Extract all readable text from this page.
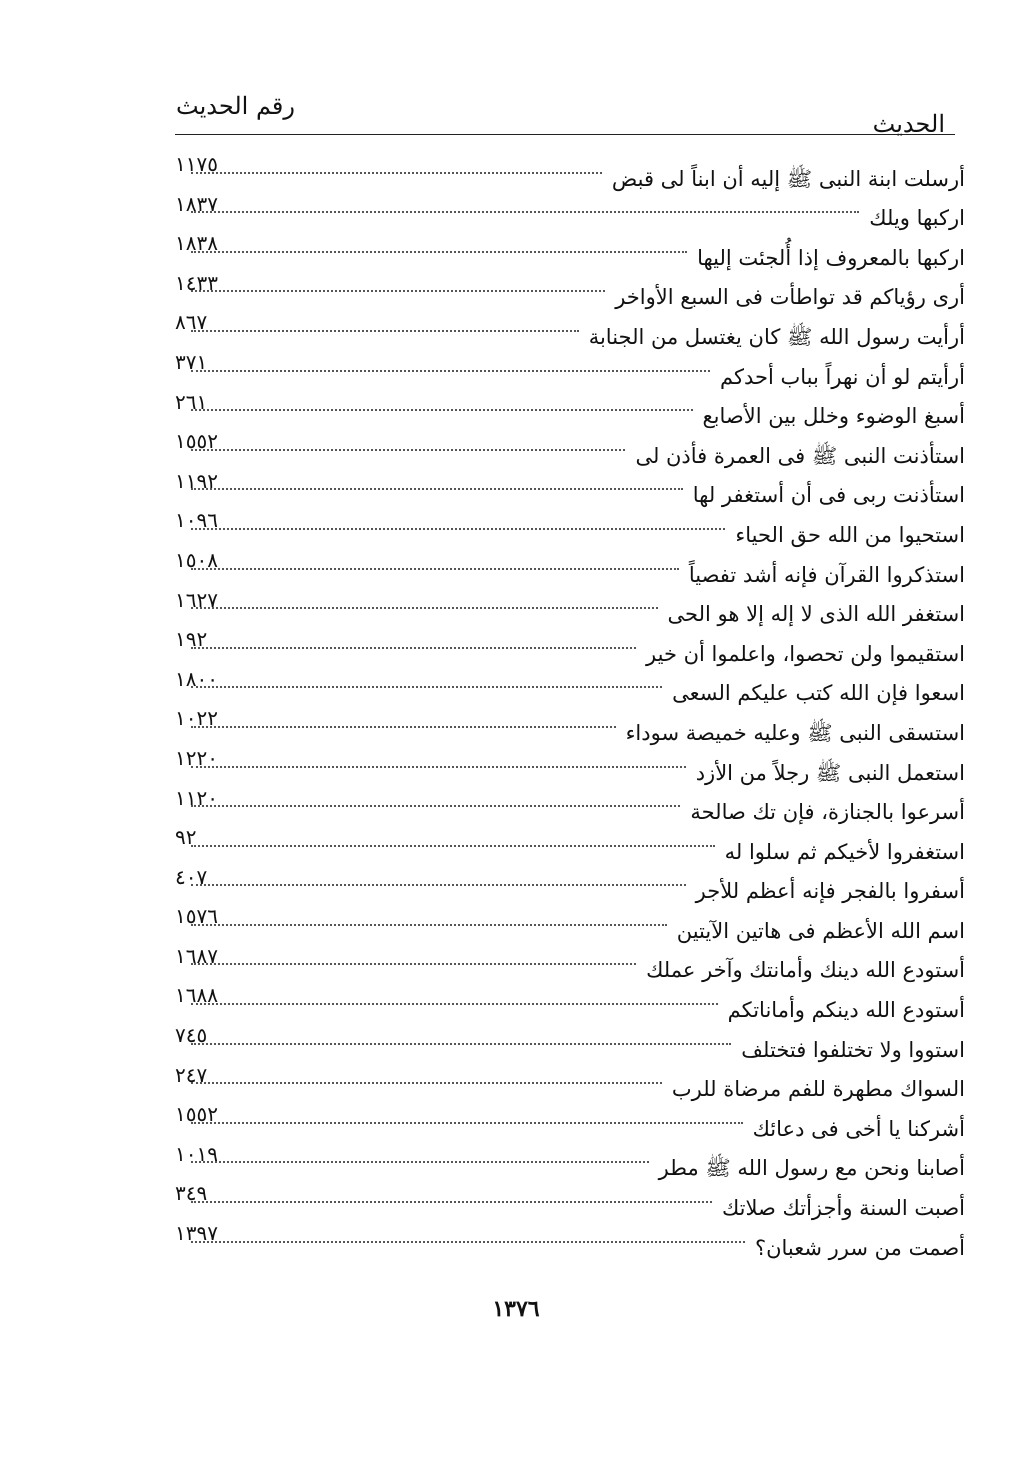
الحديث
رقم الحديث
أرسلت ابنة النبى ﷺ إليه أن ابناً لى قبض
١١٧٥
اركبها ويلك
١٨٣٧
اركبها بالمعروف إذا أُلجئت إليها
١٨٣٨
أرى رؤياكم قد تواطأت فى السبع الأواخر
١٤٣٣
أرأيت رسول الله ﷺ كان يغتسل من الجنابة
٨٦٧
أرأيتم لو أن نهراً بباب أحدكم
٣٧١
أسبغ الوضوء وخلل بين الأصابع
٢٦١
استأذنت النبى ﷺ فى العمرة فأذن لى
١٥٥٢
استأذنت ربى فى أن أستغفر لها
١١٩٢
استحيوا من الله حق الحياء
١٠٩٦
استذكروا القرآن فإنه أشد تفصياً
١٥٠٨
استغفر الله الذى لا إله إلا هو الحى
١٦٢٧
استقيموا ولن تحصوا، واعلموا أن خير
١٩٢
اسعوا فإن الله كتب عليكم السعى
١٨٠٠
استسقى النبى ﷺ وعليه خميصة سوداء
١٠٢٢
استعمل النبى ﷺ رجلاً من الأزد
١٢٢٠
أسرعوا بالجنازة، فإن تك صالحة
١١٢٠
استغفروا لأخيكم ثم سلوا له
٩٢
أسفروا بالفجر فإنه أعظم للأجر
٤٠٧
اسم الله الأعظم فى هاتين الآيتين
١٥٧٦
أستودع الله دينك وأمانتك وآخر عملك
١٦٨٧
أستودع الله دينكم وأماناتكم
١٦٨٨
استووا ولا تختلفوا فتختلف
٧٤٥
السواك مطهرة للفم مرضاة للرب
٢٤٧
أشركنا يا أخى فى دعائك
١٥٥٢
أصابنا ونحن مع رسول الله ﷺ مطر
١٠١٩
أصبت السنة وأجزأتك صلاتك
٣٤٩
أصمت من سرر شعبان؟
١٣٩٧
١٣٧٦
